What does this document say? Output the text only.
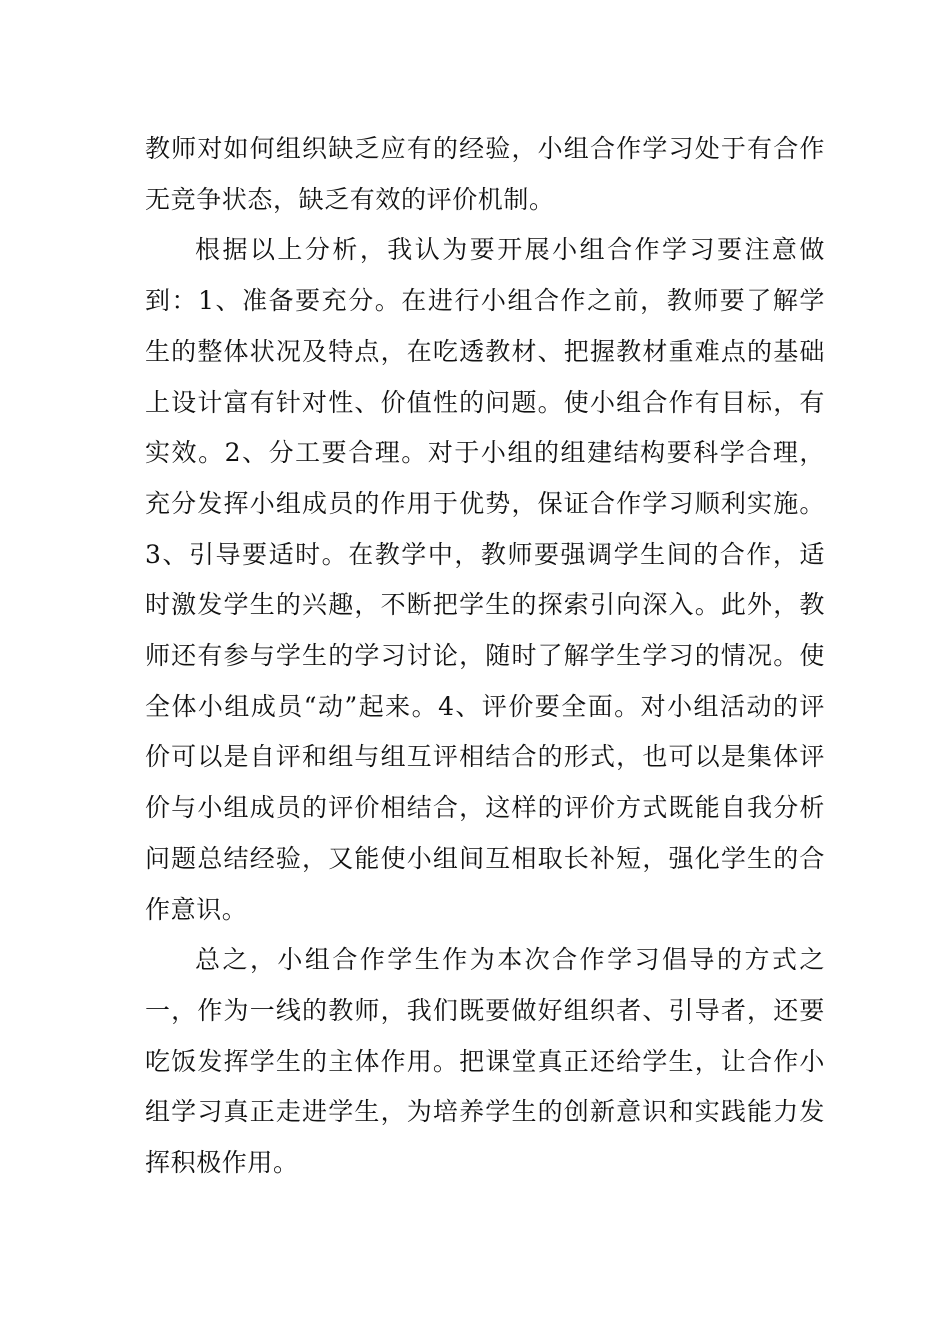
教师对如何组织缺乏应有的经验，小组合作学习处于有合作无竞争状态，缺乏有效的评价机制。

根据以上分析，我认为要开展小组合作学习要注意做到：1、准备要充分。在进行小组合作之前，教师要了解学生的整体状况及特点，在吃透教材、把握教材重难点的基础上设计富有针对性、价值性的问题。使小组合作有目标，有实效。2、分工要合理。对于小组的组建结构要科学合理，充分发挥小组成员的作用于优势，保证合作学习顺利实施。3、引导要适时。在教学中，教师要强调学生间的合作，适时激发学生的兴趣，不断把学生的探索引向深入。此外，教师还有参与学生的学习讨论，随时了解学生学习的情况。使全体小组成员“动”起来。4、评价要全面。对小组活动的评价可以是自评和组与组互评相结合的形式，也可以是集体评价与小组成员的评价相结合，这样的评价方式既能自我分析问题总结经验，又能使小组间互相取长补短，强化学生的合作意识。

总之，小组合作学生作为本次合作学习倡导的方式之一，作为一线的教师，我们既要做好组织者、引导者，还要吃饭发挥学生的主体作用。把课堂真正还给学生，让合作小组学习真正走进学生，为培养学生的创新意识和实践能力发挥积极作用。
